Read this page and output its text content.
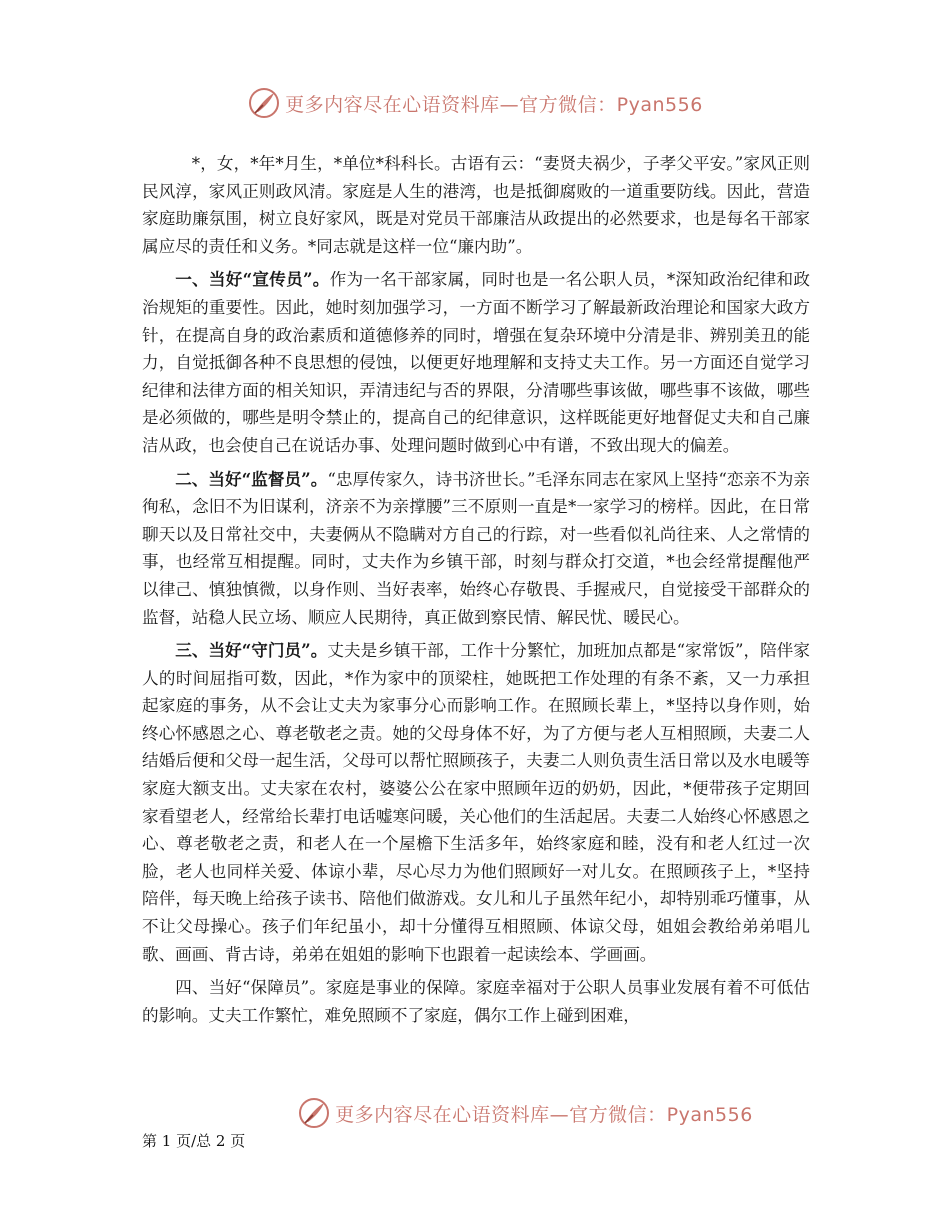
更多内容尽在心语资料库—官方微信：Pyan556

*，女，*年*月生，*单位*科科长。古语有云：“妻贤夫祸少，子孝父平安。”家风正则民风淳，家风正则政风清。家庭是人生的港湾，也是抵御腐败的一道重要防线。因此，营造家庭助廉氛围，树立良好家风，既是对党员干部廉洁从政提出的必然要求，也是每名干部家属应尽的责任和义务。*同志就是这样一位“廉内助”。

一、当好“宣传员”。作为一名干部家属，同时也是一名公职人员，*深知政治纪律和政治规矩的重要性。因此，她时刻加强学习，一方面不断学习了解最新政治理论和国家大政方针，在提高自身的政治素质和道德修养的同时，增强在复杂环境中分清是非、辨别美丑的能力，自觉抵御各种不良思想的侵蚀，以便更好地理解和支持丈夫工作。另一方面还自觉学习纪律和法律方面的相关知识，弄清违纪与否的界限，分清哪些事该做，哪些事不该做，哪些是必须做的，哪些是明令禁止的，提高自己的纪律意识，这样既能更好地督促丈夫和自己廉洁从政，也会使自己在说话办事、处理问题时做到心中有谱，不致出现大的偏差。

二、当好“监督员”。“忠厚传家久，诗书济世长。”毛泽东同志在家风上坚持“恋亲不为亲徇私，念旧不为旧谋利，济亲不为亲撑腰”三不原则一直是*一家学习的榜样。因此，在日常聊天以及日常社交中，夫妻俩从不隐瞒对方自己的行踪，对一些看似礼尚往来、人之常情的事，也经常互相提醒。同时，丈夫作为乡镇干部，时刻与群众打交道，*也会经常提醒他严以律己、慎独慎微，以身作则、当好表率，始终心存敬畏、手握戒尺，自觉接受干部群众的监督，站稳人民立场、顺应人民期待，真正做到察民情、解民忧、暖民心。

三、当好“守门员”。丈夫是乡镇干部，工作十分繁忙，加班加点都是“家常饭”，陪伴家人的时间屈指可数，因此，*作为家中的顶梁柱，她既把工作处理的有条不紊，又一力承担起家庭的事务，从不会让丈夫为家事分心而影响工作。在照顾长辈上，*坚持以身作则，始终心怀感恩之心、尊老敬老之责。她的父母身体不好，为了方便与老人互相照顾，夫妻二人结婚后便和父母一起生活，父母可以帮忙照顾孩子，夫妻二人则负责生活日常以及水电暖等家庭大额支出。丈夫家在农村，婆婆公公在家中照顾年迈的奶奶，因此，*便带孩子定期回家看望老人，经常给长辈打电话嘘寒问暖，关心他们的生活起居。夫妻二人始终心怀感恩之心、尊老敬老之责，和老人在一个屋檐下生活多年，始终家庭和睦，没有和老人红过一次脸，老人也同样关爱、体谅小辈，尽心尽力为他们照顾好一对儿女。在照顾孩子上，*坚持陪伴，每天晚上给孩子读书、陪他们做游戏。女儿和儿子虽然年纪小，却特别乖巧懂事，从不让父母操心。孩子们年纪虽小，却十分懂得互相照顾、体谅父母，姐姐会教给弟弟唱儿歌、画画、背古诗，弟弟在姐姐的影响下也跟着一起读绘本、学画画。

四、当好“保障员”。家庭是事业的保障。家庭幸福对于公职人员事业发展有着不可低估的影响。丈夫工作繁忙，难免照顾不了家庭，偶尔工作上碰到困难，

更多内容尽在心语资料库—官方微信：Pyan556
第 1 页/总 2 页
